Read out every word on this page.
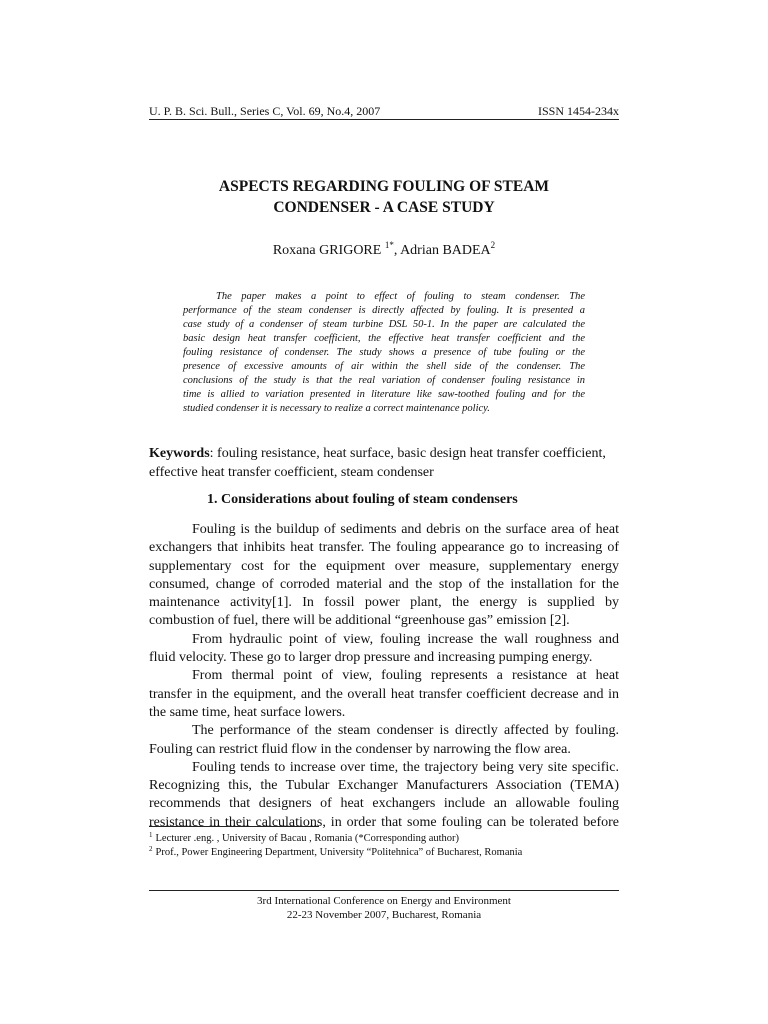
U. P. B. Sci. Bull., Series C, Vol. 69, No.4, 2007	ISSN 1454-234x
ASPECTS REGARDING FOULING OF STEAM
CONDENSER - A CASE STUDY
Roxana GRIGORE $^{1*}$, Adrian BADEA$^2$
The paper makes a point to effect of fouling to steam condenser. The
performance of the steam condenser is directly affected by fouling. It is presented a
case study of a condenser of steam turbine DSL 50-1. In the paper are calculated the
basic design heat transfer coefficient, the effective heat transfer coefficient and the
fouling resistance of condenser. The study shows a presence of tube fouling or the
presence of excessive amounts of air within the shell side of the condenser. The
conclusions of the study is that the real variation of condenser fouling resistance in
time is allied to variation presented in literature like saw-toothed fouling and for the
studied condenser it is necessary to realize a correct maintenance policy.
Keywords: fouling resistance, heat surface, basic design heat transfer coefficient,
effective heat transfer coefficient, steam condenser
1. Considerations about fouling of steam condensers
Fouling is the buildup of sediments and debris on the surface area of heat
exchangers that inhibits heat transfer. The fouling appearance go to increasing of
supplementary cost for the equipment over measure, supplementary energy
consumed, change of corroded material and the stop of the installation for the
maintenance activity[1]. In fossil power plant, the energy is supplied by
combustion of fuel, there will be additional “greenhouse gas” emission [2].
From hydraulic point of view, fouling increase the wall roughness and
fluid velocity. These go to larger drop pressure and increasing pumping energy.
From thermal point of view, fouling represents a resistance at heat
transfer in the equipment, and the overall heat transfer coefficient decrease and in
the same time, heat surface lowers.
The performance of the steam condenser is directly affected by fouling.
Fouling can restrict fluid flow in the condenser by narrowing the flow area.
Fouling tends to increase over time, the trajectory being very site specific.
Recognizing this, the Tubular Exchanger Manufacturers Association (TEMA)
recommends that designers of heat exchangers include an allowable fouling
resistance in their calculations, in order that some fouling can be tolerated before
$^1$ Lecturer .eng. , University of Bacau , Romania (*Corresponding author)
$^2$ Prof., Power Engineering Department, University “Politehnica” of Bucharest, Romania
3rd International Conference on Energy and Environment
22-23 November 2007, Bucharest, Romania
